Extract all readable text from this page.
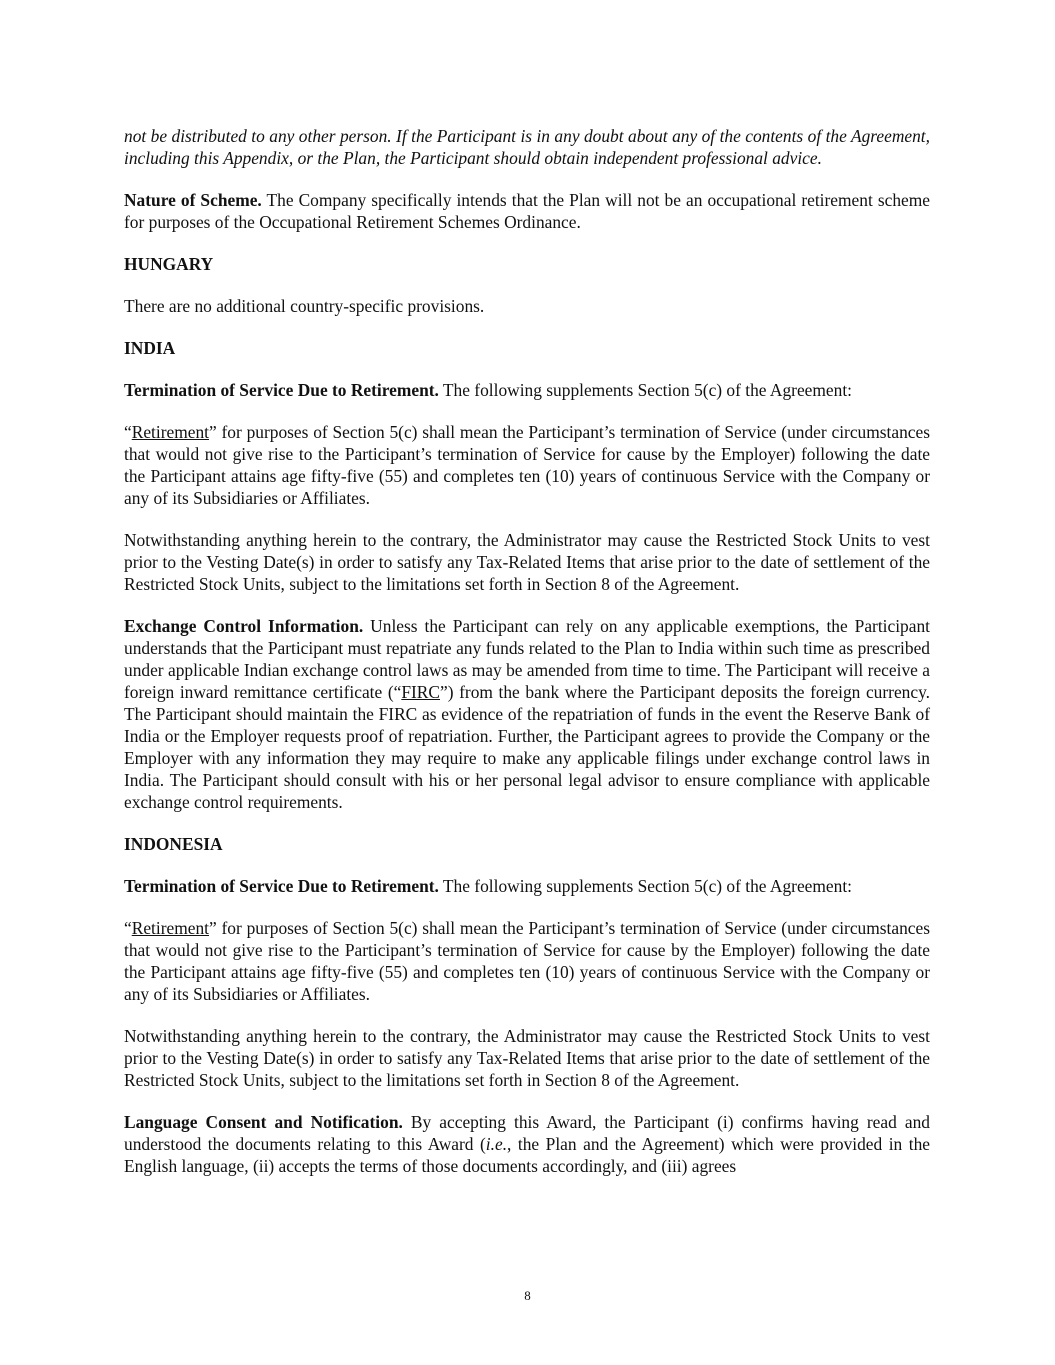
not be distributed to any other person. If the Participant is in any doubt about any of the contents of the Agreement, including this Appendix, or the Plan, the Participant should obtain independent professional advice.

Nature of Scheme. The Company specifically intends that the Plan will not be an occupational retirement scheme for purposes of the Occupational Retirement Schemes Ordinance.

HUNGARY

There are no additional country-specific provisions.

INDIA

Termination of Service Due to Retirement. The following supplements Section 5(c) of the Agreement:

“Retirement” for purposes of Section 5(c) shall mean the Participant’s termination of Service (under circumstances that would not give rise to the Participant’s termination of Service for cause by the Employer) following the date the Participant attains age fifty-five (55) and completes ten (10) years of continuous Service with the Company or any of its Subsidiaries or Affiliates.

Notwithstanding anything herein to the contrary, the Administrator may cause the Restricted Stock Units to vest prior to the Vesting Date(s) in order to satisfy any Tax-Related Items that arise prior to the date of settlement of the Restricted Stock Units, subject to the limitations set forth in Section 8 of the Agreement.

Exchange Control Information. Unless the Participant can rely on any applicable exemptions, the Participant understands that the Participant must repatriate any funds related to the Plan to India within such time as prescribed under applicable Indian exchange control laws as may be amended from time to time. The Participant will receive a foreign inward remittance certificate (“FIRC”) from the bank where the Participant deposits the foreign currency. The Participant should maintain the FIRC as evidence of the repatriation of funds in the event the Reserve Bank of India or the Employer requests proof of repatriation. Further, the Participant agrees to provide the Company or the Employer with any information they may require to make any applicable filings under exchange control laws in India. The Participant should consult with his or her personal legal advisor to ensure compliance with applicable exchange control requirements.

INDONESIA

Termination of Service Due to Retirement. The following supplements Section 5(c) of the Agreement:

“Retirement” for purposes of Section 5(c) shall mean the Participant’s termination of Service (under circumstances that would not give rise to the Participant’s termination of Service for cause by the Employer) following the date the Participant attains age fifty-five (55) and completes ten (10) years of continuous Service with the Company or any of its Subsidiaries or Affiliates.

Notwithstanding anything herein to the contrary, the Administrator may cause the Restricted Stock Units to vest prior to the Vesting Date(s) in order to satisfy any Tax-Related Items that arise prior to the date of settlement of the Restricted Stock Units, subject to the limitations set forth in Section 8 of the Agreement.

Language Consent and Notification. By accepting this Award, the Participant (i) confirms having read and understood the documents relating to this Award (i.e., the Plan and the Agreement) which were provided in the English language, (ii) accepts the terms of those documents accordingly, and (iii) agrees

8
